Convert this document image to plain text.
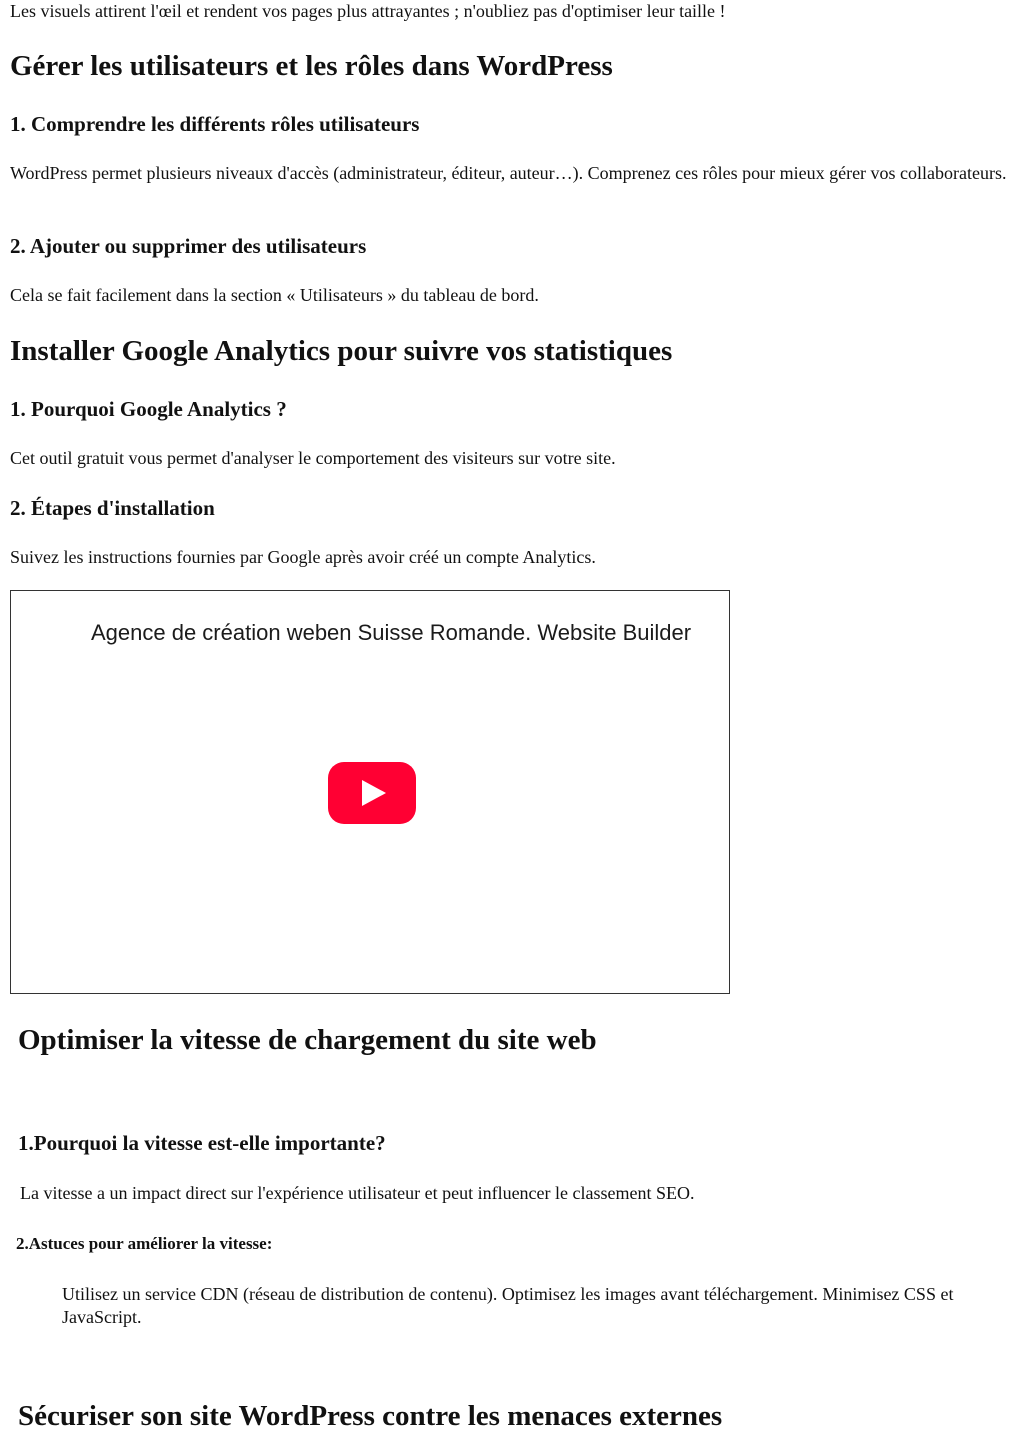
Les visuels attirent l'œil et rendent vos pages plus attrayantes ; n'oubliez pas d'optimiser leur taille !

Gérer les utilisateurs et les rôles dans WordPress
1. Comprendre les différents rôles utilisateurs

WordPress permet plusieurs niveaux d'accès (administrateur, éditeur, auteur…). Comprenez ces rôles pour mieux gérer vos collaborateurs.

2. Ajouter ou supprimer des utilisateurs

Cela se fait facilement dans la section « Utilisateurs » du tableau de bord.

Installer Google Analytics pour suivre vos statistiques
1. Pourquoi Google Analytics ?

Cet outil gratuit vous permet d'analyser le comportement des visiteurs sur votre site.

2. Étapes d'installation

Suivez les instructions fournies par Google après avoir créé un compte Analytics.

Agence de création weben Suisse Romande. Website Builder
Optimiser la vitesse de chargement du site web
1.Pourquoi la vitesse est-elle importante?

La vitesse a un impact direct sur l'expérience utilisateur et peut influencer le classement SEO.

2.Astuces pour améliorer la vitesse:

Utilisez un service CDN (réseau de distribution de contenu). Optimisez les images avant téléchargement. Minimisez CSS et JavaScript.

Sécuriser son site WordPress contre les menaces externes
